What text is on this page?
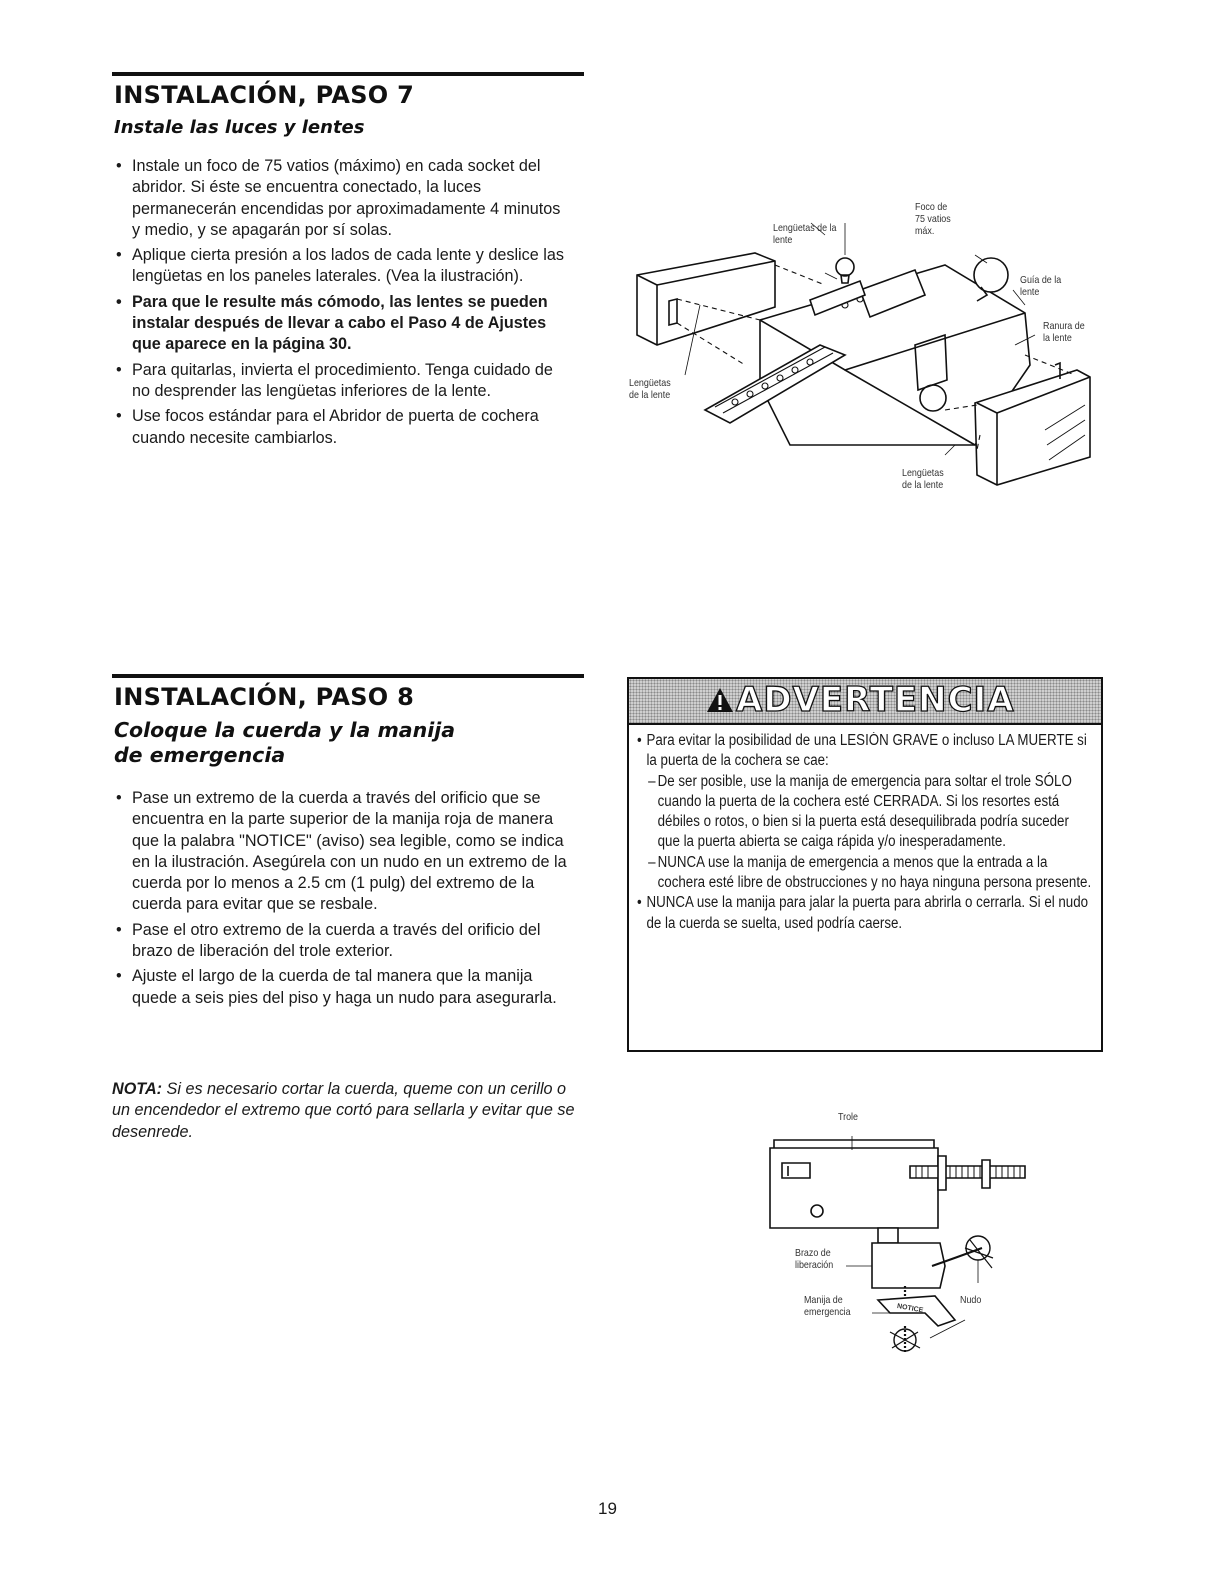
INSTALACIÓN, PASO 7
Instale las luces y lentes
• Instale un foco de 75 vatios (máximo) en cada socket del abridor. Si éste se encuentra conectado, la luces permanecerán encendidas por aproximadamente 4 minutos y medio, y se apagarán por sí solas.
• Aplique cierta presión a los lados de cada lente y deslice las lengüetas en los paneles laterales. (Vea la ilustración).
• Para que le resulte más cómodo, las lentes se pueden instalar después de llevar a cabo el Paso 4 de Ajustes que aparece en la página 30.
• Para quitarlas, invierta el procedimiento. Tenga cuidado de no desprender las lengüetas inferiores de la lente.
• Use focos estándar para el Abridor de puerta de cochera cuando necesite cambiarlos.
Foco de 75 vatios máx.
Lengüetas de la lente
Guía de la lente
Ranura de la lente
Lengüetas de la lente
Lengüetas de la lente
INSTALACIÓN, PASO 8
Coloque la cuerda y la manija
de emergencia
• Pase un extremo de la cuerda a través del orificio que se encuentra en la parte superior de la manija roja de manera que la palabra "NOTICE" (aviso) sea legible, como se indica en la ilustración. Asegúrela con un nudo en un extremo de la cuerda por lo menos a 2.5 cm (1 pulg) del extremo de la cuerda para evitar que se resbale.
• Pase el otro extremo de la cuerda a través del orificio del brazo de liberación del trole exterior.
• Ajuste el largo de la cuerda de tal manera que la manija quede a seis pies del piso y haga un nudo para asegurarla.

NOTA: Si es necesario cortar la cuerda, queme con un cerillo o un encendedor el extremo que cortó para sellarla y evitar que se desenrede.

ADVERTENCIA
• Para evitar la posibilidad de una LESIÓN GRAVE o incluso LA MUERTE si la puerta de la cochera se cae:
– De ser posible, use la manija de emergencia para soltar el trole SÓLO cuando la puerta de la cochera esté CERRADA. Si los resortes está débiles o rotos, o bien si la puerta está desequilibrada podría suceder que la puerta abierta se caiga rápida y/o inesperadamente.
– NUNCA use la manija de emergencia a menos que la entrada a la cochera esté libre de obstrucciones y no haya ninguna persona presente.
• NUNCA use la manija para jalar la puerta para abrirla o cerrarla. Si el nudo de la cuerda se suelta, used podría caerse.
Trole
NOTICE
Brazo de liberación
Manija de emergencia
Nudo

19
